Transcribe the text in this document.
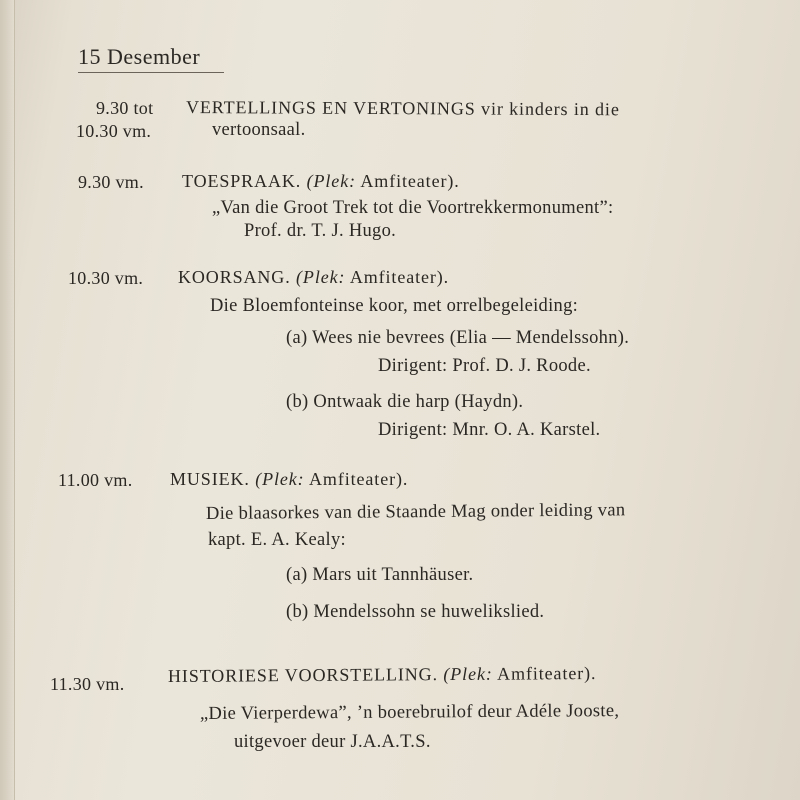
15 Desember
9.30 tot
10.30 vm.
VERTELLINGS EN VERTONINGS vir kinders in die
vertoonsaal.
9.30 vm. TOESPRAAK. (Plek: Amfiteater).
„Van die Groot Trek tot die Voortrekkermonument”:
Prof. dr. T. J. Hugo.
10.30 vm. KOORSANG. (Plek: Amfiteater).
Die Bloemfonteinse koor, met orrelbegeleiding:
(a) Wees nie bevrees (Elia — Mendelssohn).
Dirigent: Prof. D. J. Roode.
(b) Ontwaak die harp (Haydn).
Dirigent: Mnr. O. A. Karstel.
11.00 vm. MUSIEK. (Plek: Amfiteater).
Die blaasorkes van die Staande Mag onder leiding van
kapt. E. A. Kealy:
(a) Mars uit Tannhäuser.
(b) Mendelssohn se huwelikslied.
11.30 vm. HISTORIESE VOORSTELLING. (Plek: Amfiteater).
„Die Vierperdewa”, ’n boerebruilof deur Adéle Jooste,
uitgevoer deur J.A.A.T.S.
